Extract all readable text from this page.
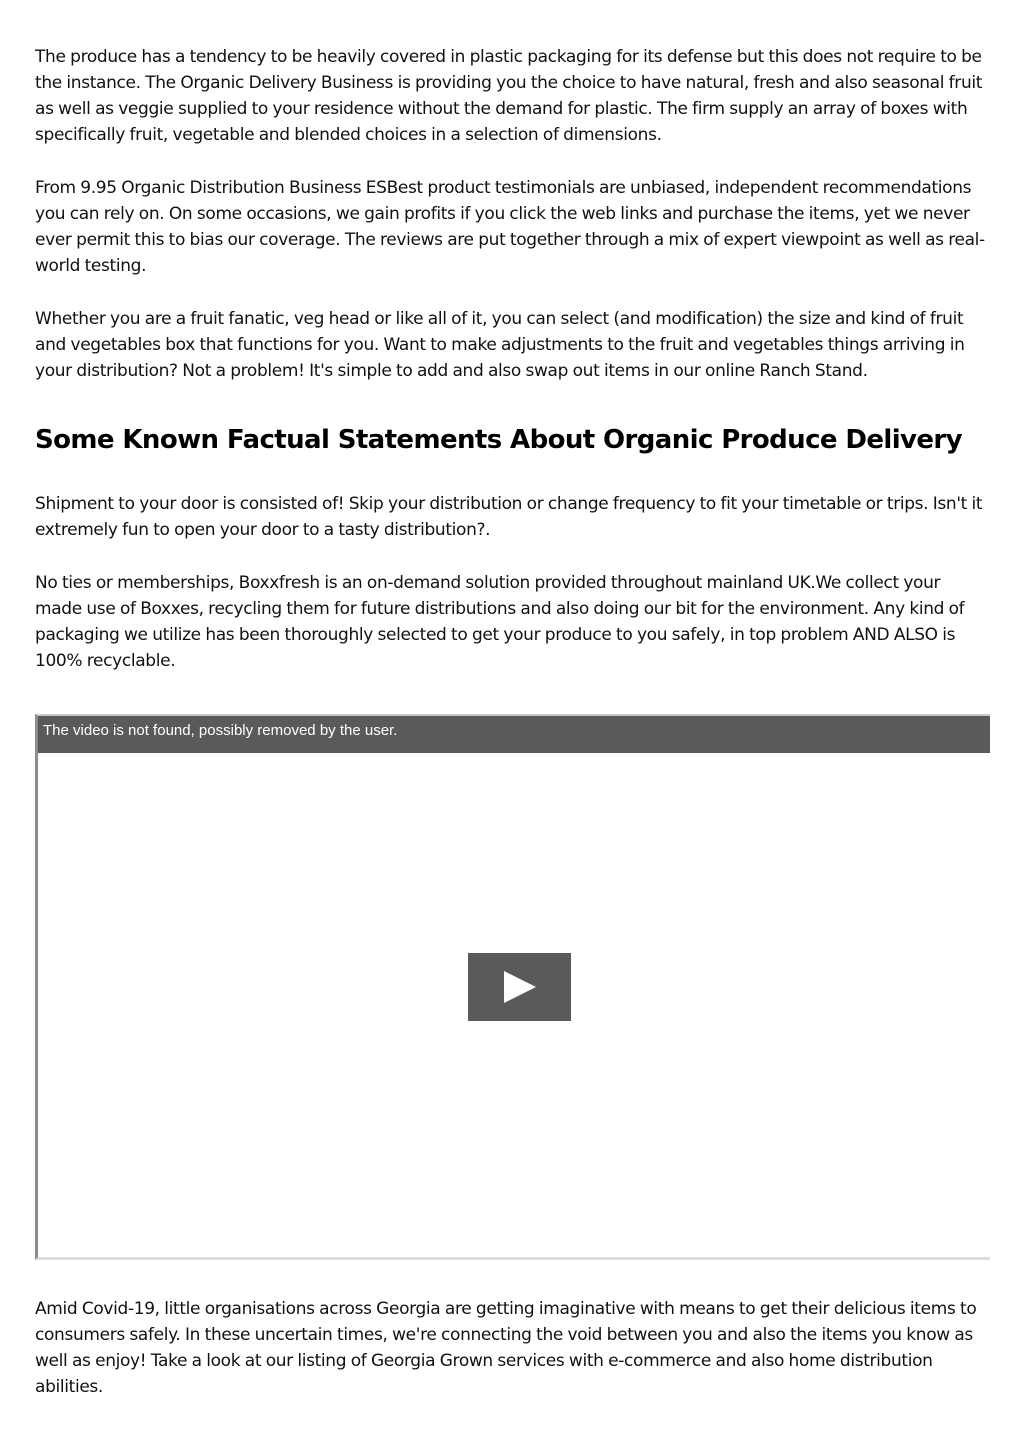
The produce has a tendency to be heavily covered in plastic packaging for its defense but this does not require to be the instance. The Organic Delivery Business is providing you the choice to have natural, fresh and also seasonal fruit as well as veggie supplied to your residence without the demand for plastic. The firm supply an array of boxes with specifically fruit, vegetable and blended choices in a selection of dimensions.

From 9.95 Organic Distribution Business ESBest product testimonials are unbiased, independent recommendations you can rely on. On some occasions, we gain profits if you click the web links and purchase the items, yet we never ever permit this to bias our coverage. The reviews are put together through a mix of expert viewpoint as well as real-world testing.

Whether you are a fruit fanatic, veg head or like all of it, you can select (and modification) the size and kind of fruit and vegetables box that functions for you. Want to make adjustments to the fruit and vegetables things arriving in your distribution? Not a problem! It's simple to add and also swap out items in our online Ranch Stand.

Some Known Factual Statements About Organic Produce Delivery

Shipment to your door is consisted of! Skip your distribution or change frequency to fit your timetable or trips. Isn't it extremely fun to open your door to a tasty distribution?.

No ties or memberships, Boxxfresh is an on-demand solution provided throughout mainland UK.We collect your made use of Boxxes, recycling them for future distributions and also doing our bit for the environment. Any kind of packaging we utilize has been thoroughly selected to get your produce to you safely, in top problem AND ALSO is 100% recyclable.

The video is not found, possibly removed by the user.

Amid Covid-19, little organisations across Georgia are getting imaginative with means to get their delicious items to consumers safely. In these uncertain times, we're connecting the void between you and also the items you know as well as enjoy! Take a look at our listing of Georgia Grown services with e-commerce and also home distribution abilities.
